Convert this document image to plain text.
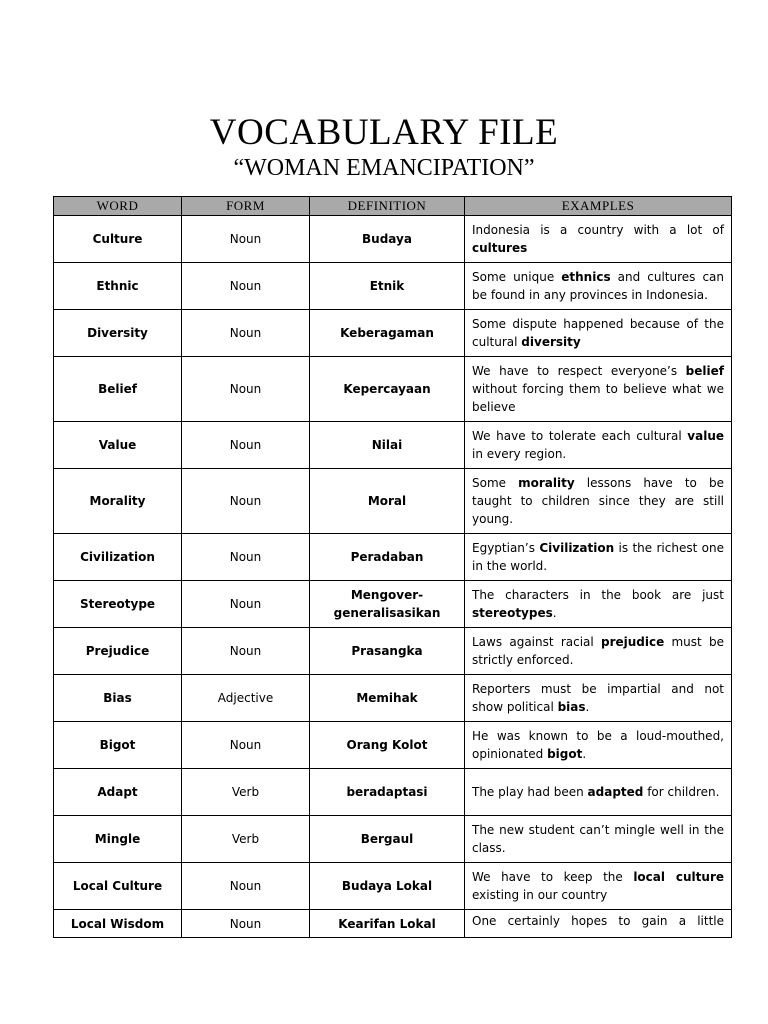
VOCABULARY FILE
“WOMAN EMANCIPATION”
WORD	FORM	DEFINITION	EXAMPLES
Culture	Noun	Budaya	Indonesia is a country with a lot of cultures
Ethnic	Noun	Etnik	Some unique ethnics and cultures can be found in any provinces in Indonesia.
Diversity	Noun	Keberagaman	Some dispute happened because of the cultural diversity
Belief	Noun	Kepercayaan	We have to respect everyone’s belief without forcing them to believe what we believe
Value	Noun	Nilai	We have to tolerate each cultural value in every region.
Morality	Noun	Moral	Some morality lessons have to be taught to children since they are still young.
Civilization	Noun	Peradaban	Egyptian’s Civilization is the richest one in the world.
Stereotype	Noun	Mengover-generalisasikan	The characters in the book are just stereotypes.
Prejudice	Noun	Prasangka	Laws against racial prejudice must be strictly enforced.
Bias	Adjective	Memihak	Reporters must be impartial and not show political bias.
Bigot	Noun	Orang Kolot	He was known to be a loud-mouthed, opinionated bigot.
Adapt	Verb	beradaptasi	The play had been adapted for children.
Mingle	Verb	Bergaul	The new student can’t mingle well in the class.
Local Culture	Noun	Budaya Lokal	We have to keep the local culture existing in our country
Local Wisdom	Noun	Kearifan Lokal	One certainly hopes to gain a little
